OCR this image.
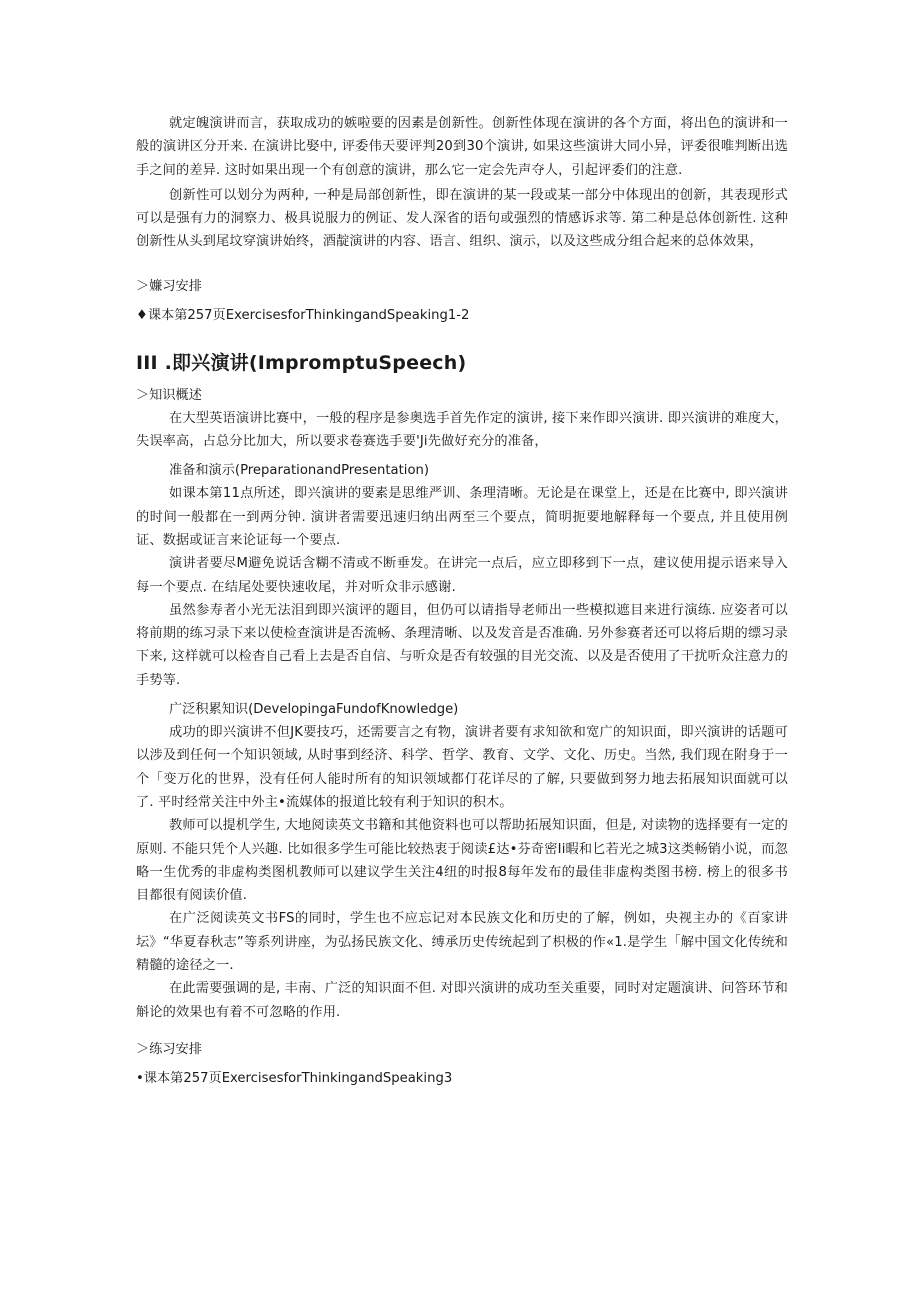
就定魄演讲而言，获取成功的嫉啦要的因素是创新性。创新性体现在演讲的各个方面，将出色的演讲和一般的演讲区分开来. 在演讲比娶中, 评委伟天要评判20到30个演讲, 如果这些演讲大同小异，评委很唯判断出选手之间的差异. 这时如果出现一个有创意的演讲，那么它一定会先声夺人，引起评委们的注意.

创新性可以划分为两种, 一种是局部创新性，即在演讲的某一段或某一部分中体现出的创新，其表现形式可以是强有力的洞察力、极具说服力的例证、发人深省的语句或强烈的情感诉求等. 第二种是总体创新性. 这种创新性从头到尾坟穿演讲始终，酒靛演讲的内容、语言、组织、演示，以及这些成分组合起来的总体效果，

＞嬚习安排

♦课本第257页ExercisesforThinkingandSpeaking1-2

III .即兴演讲(ImpromptuSpeech)

＞知识概述

在大型英语演讲比赛中，一般的程序是参奥选手首先作定的演讲, 接下来作即兴演讲. 即兴演讲的难度大，失误率高，占总分比加大，所以要求卷赛选手要'Ji先做好充分的准备，

准备和演示(PreparationandPresentation)

如课本第11点所述，即兴演讲的要素是思维严训、条理清晰。无论是在课堂上，还是在比赛中, 即兴演讲的时间一般都在一到两分钟. 演讲者需要迅速归纳出两至三个要点，简明扼要地解释每一个要点, 并且使用例证、数据或证言来论证每一个要点.

演讲者要尽M避免说话含糊不清或不断垂发。在讲完一点后，应立即移到下一点，建议使用提示语来导入每一个要点. 在结尾处要快速收尾，并对听众非示感谢.

虽然参寿者小光无法泪到即兴演评的题目，但仍可以请指导老师出一些模拟遮目来进行演练. 应姿者可以将前期的练习录下来以使检查演讲是否流畅、条理清晰、以及发音是否准确. 另外参赛者还可以将后期的缥习录下来, 这样就可以检杳自己看上去是否自信、与听众是否有较强的目光交流、以及是否使用了干扰听众注意力的手势等.

广泛积累知识(DevelopingaFundofKnowledge)

成功的即兴演讲不但JK要技巧，还需要言之有物，演讲者要有求知欲和宽广的知识面，即兴演讲的话题可以涉及到任何一个知识领域, 从时事到经济、科学、哲学、教育、文学、文化、历史。当然, 我们现在附身于一个「变万化的世界，没有任何人能时所有的知识领域都仃花详尽的了解, 只要做到努力地去拓展知识面就可以了. 平时经常关注中外主•流媒体的报道比较有利于知识的积木。

教师可以提机学生, 大地阅读英文书籍和其他资料也可以帮助拓展知识面，但是, 对读物的选择要有一定的原则. 不能只凭个人兴趣. 比如很多学生可能比较热衷于阅读£达•芬奇密Ii暇和匕若光之城3这类畅销小说，而忽略一生优秀的非虚构类图机教师可以建议学生关注4纽的时报8每年发布的最佳非虚构类图书榜. 榜上的很多书目都很有阅读价值.

在广泛阅读英文书FS的同时，学生也不应忘记对本民族文化和历史的了解，例如，央视主办的《百家讲坛》“华夏春秋志”等系列讲座，为弘扬民族文化、缚承历史传统起到了枳极的作«1.是学生「解中国文化传统和精髓的途径之一.

在此需要强调的是, 丰南、广泛的知识面不但. 对即兴演讲的成功至关重要，同时对定题演讲、问答环节和斛论的效果也有着不可忽略的作用.

＞练习安排

•课本第257页ExercisesforThinkingandSpeaking3
